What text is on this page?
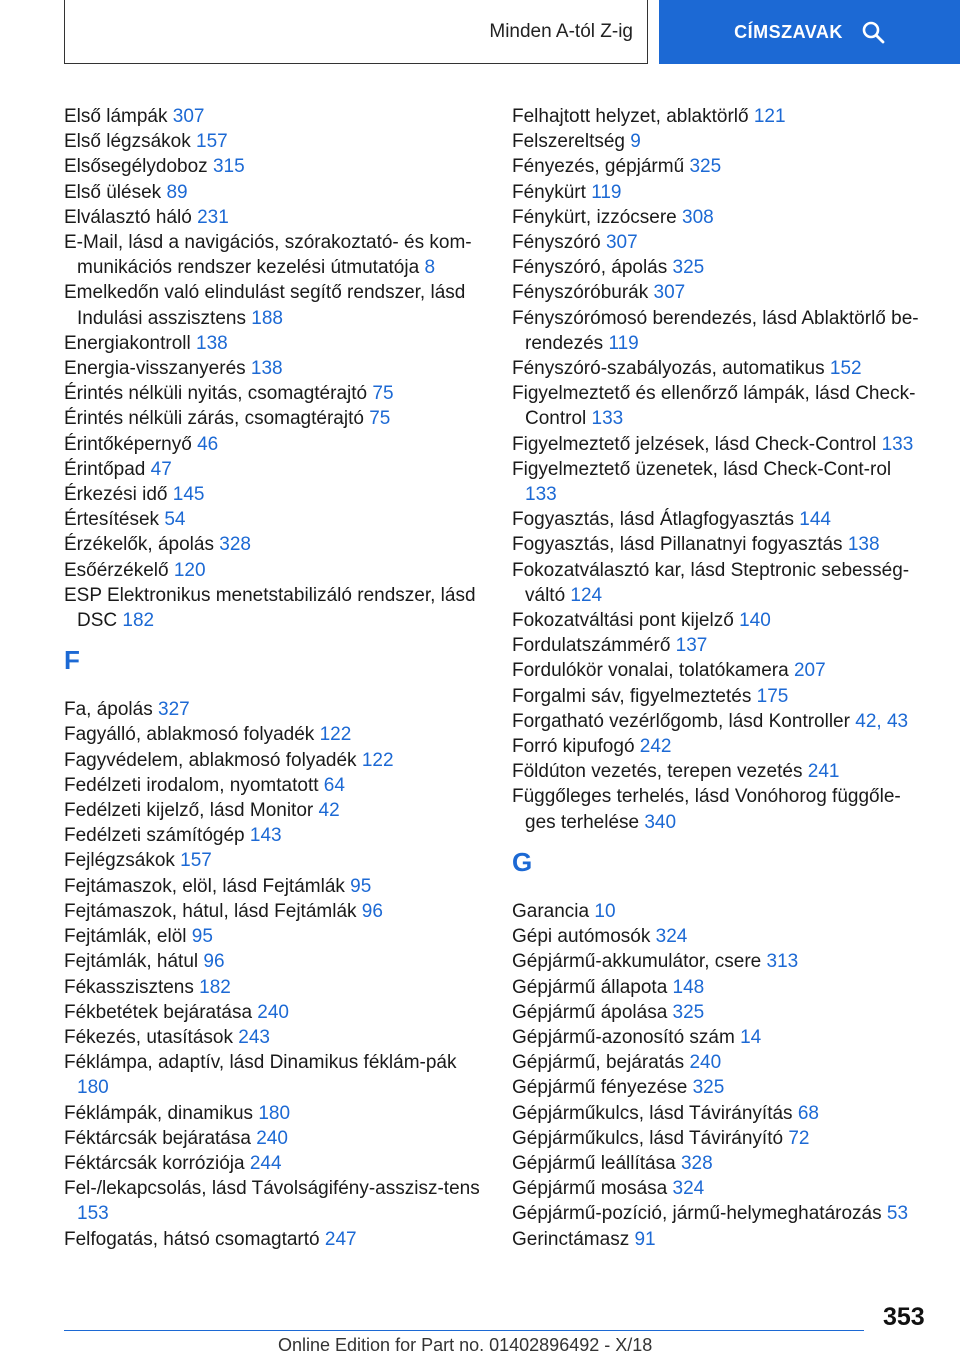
Minden A-tól Z-ig	CÍMSZAVAK

Első lámpák 307

Első légzsákok 157

Elsősegélydoboz 315

Első ülések 89

Elválasztó háló 231

E-Mail, lásd a navigációs, szórakoztató- és kom‐munikációs rendszer kezelési útmutatója 8

Emelkedőn való elindulást segítő rendszer, lásd Indulási asszisztens 188

Energiakontroll 138

Energia-visszanyerés 138

Érintés nélküli nyitás, csomagtérajtó 75

Érintés nélküli zárás, csomagtérajtó 75

Érintőképernyő 46

Érintőpad 47

Érkezési idő 145

Értesítések 54

Érzékelők, ápolás 328

Esőérzékelő 120

ESP Elektronikus menetstabilizáló rendszer, lásd DSC 182

F

Fa, ápolás 327

Fagyálló, ablakmosó folyadék 122

Fagyvédelem, ablakmosó folyadék 122

Fedélzeti irodalom, nyomtatott 64

Fedélzeti kijelző, lásd Monitor 42

Fedélzeti számítógép 143

Fejlégzsákok 157

Fejtámaszok, elöl, lásd Fejtámlák 95

Fejtámaszok, hátul, lásd Fejtámlák 96

Fejtámlák, elöl 95

Fejtámlák, hátul 96

Fékasszisztens 182

Fékbetétek bejáratása 240

Fékezés, utasítások 243

Féklámpa, adaptív, lásd Dinamikus féklám‐pák 180

Féklámpák, dinamikus 180

Féktárcsák bejáratása 240

Féktárcsák korróziója 244

Fel-/lekapcsolás, lásd Távolságifény-asszisz‐tens 153

Felfogatás, hátsó csomagtartó 247

Felhajtott helyzet, ablaktörlő 121

Felszereltség 9

Fényezés, gépjármű 325

Fénykürt 119

Fénykürt, izzócsere 308

Fényszóró 307

Fényszóró, ápolás 325

Fényszóróburák 307

Fényszórómosó berendezés, lásd Ablaktörlő be‐rendezés 119

Fényszóró-szabályozás, automatikus 152

Figyelmeztető és ellenőrző lámpák, lásd Check-Control 133

Figyelmeztető jelzések, lásd Check-Control 133

Figyelmeztető üzenetek, lásd Check-Cont‐rol 133

Fogyasztás, lásd Átlagfogyasztás 144

Fogyasztás, lásd Pillanatnyi fogyasztás 138

Fokozatválasztó kar, lásd Steptronic sebesség‐váltó 124

Fokozatváltási pont kijelző 140

Fordulatszámmérő 137

Fordulókör vonalai, tolatókamera 207

Forgalmi sáv, figyelmeztetés 175

Forgatható vezérlőgomb, lásd Kontroller 42, 43

Forró kipufogó 242

Földúton vezetés, terepen vezetés 241

Függőleges terhelés, lásd Vonóhorog függőle‐ges terhelése 340

G

Garancia 10

Gépi autómosók 324

Gépjármű-akkumulátor, csere 313

Gépjármű állapota 148

Gépjármű ápolása 325

Gépjármű-azonosító szám 14

Gépjármű, bejáratás 240

Gépjármű fényezése 325

Gépjárműkulcs, lásd Távirányítás 68

Gépjárműkulcs, lásd Távirányító 72

Gépjármű leállítása 328

Gépjármű mosása 324

Gépjármű-pozíció, jármű-helymeghatározás 53

Gerinctámasz 91

353
Online Edition for Part no. 01402896492 - X/18
